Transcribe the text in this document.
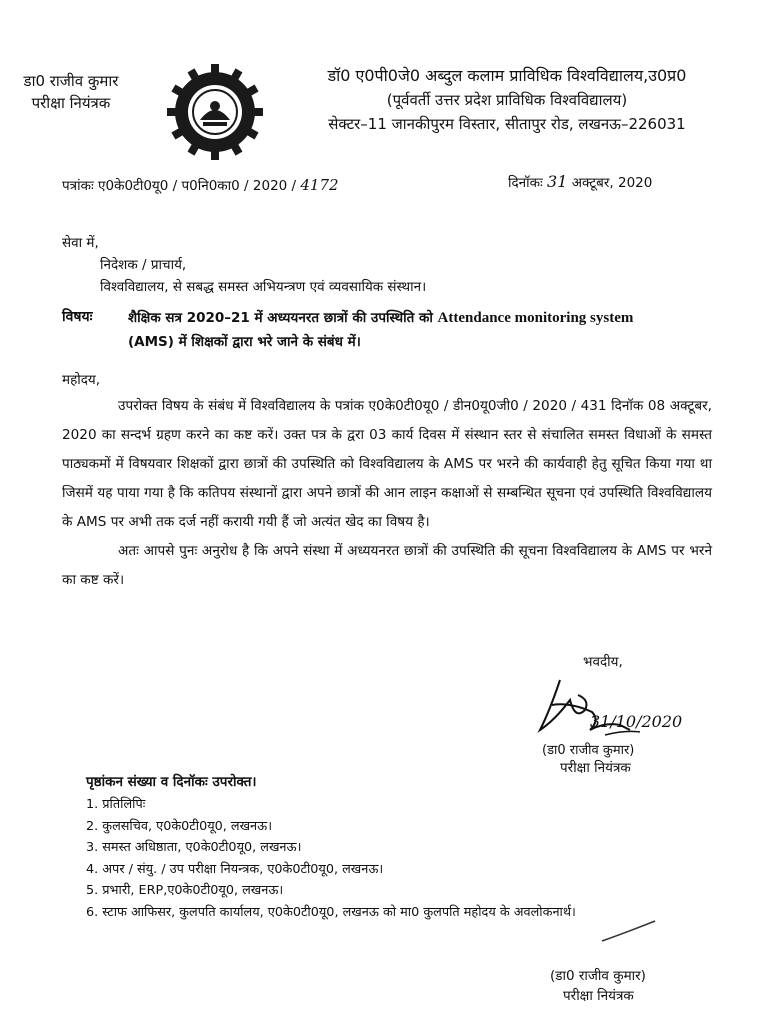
डा0 राजीव कुमार
परीक्षा नियंत्रक
डॉ0 ए0पी0जे0 अब्दुल कलाम प्राविधिक विश्वविद्यालय,उ0प्र0
(पूर्ववर्ती उत्तर प्रदेश प्राविधिक विश्वविद्यालय)
सेक्टर–11 जानकीपुरम विस्तार, सीतापुर रोड, लखनऊ–226031
पत्रांकः ए0के0टी0यू0 / प0नि0का0 / 2020 / 4172	दिनॉकः 31 अक्टूबर, 2020
सेवा में,
निदेशक / प्राचार्य,
विश्वविद्यालय, से सबद्ध समस्त अभियन्त्रण एवं व्यवसायिक संस्थान।
विषयः	शैक्षिक सत्र 2020–21 में अध्ययनरत छात्रों की उपस्थिति को Attendance monitoring system
(AMS) में शिक्षकों द्वारा भरे जाने के संबंध में।
महोदय,

उपरोक्त विषय के संबंध में विश्वविद्यालय के पत्रांक ए0के0टी0यू0 / डीन0यू0जी0 / 2020 / 431 दिनॉक 08 अक्टूबर, 2020 का सन्दर्भ ग्रहण करने का कष्ट करें। उक्त पत्र के द्वरा 03 कार्य दिवस में संस्थान स्तर से संचालित समस्त विधाओं के समस्त पाठ्यकमों में विषयवार शिक्षकों द्वारा छात्रों की उपस्थिति को विश्वविद्यालय के AMS पर भरने की कार्यवाही हेतु सूचित किया गया था जिसमें यह पाया गया है कि कतिपय संस्थानों द्वारा अपने छात्रों की आन लाइन कक्षाओं से सम्बन्धित सूचना एवं उपस्थिति विश्वविद्यालय के AMS पर अभी तक दर्ज नहीं करायी गयी हैं जो अत्यंत खेद का विषय है।

अतः आपसे पुनः अनुरोध है कि अपने संस्था में अध्ययनरत छात्रों की उपस्थिति की सूचना विश्वविद्यालय के AMS पर भरने का कष्ट करें।

भवदीय,
31/10/2020
(डा0 राजीव कुमार)
परीक्षा नियंत्रक
पृष्ठांकन संख्या व दिनॉकः उपरोक्त।
1. प्रतिलिपिः
2. कुलसचिव, ए0के0टी0यू0, लखनऊ।
3. समस्त अधिष्ठाता, ए0के0टी0यू0, लखनऊ।
4. अपर / संयु. / उप परीक्षा नियन्त्रक, ए0के0टी0यू0, लखनऊ।
5. प्रभारी, ERP,ए0के0टी0यू0, लखनऊ।
6. स्टाफ आफिसर, कुलपति कार्यालय, ए0के0टी0यू0, लखनऊ को मा0 कुलपति महोदय के अवलोकनार्थ।
(डा0 राजीव कुमार)
परीक्षा नियंत्रक
